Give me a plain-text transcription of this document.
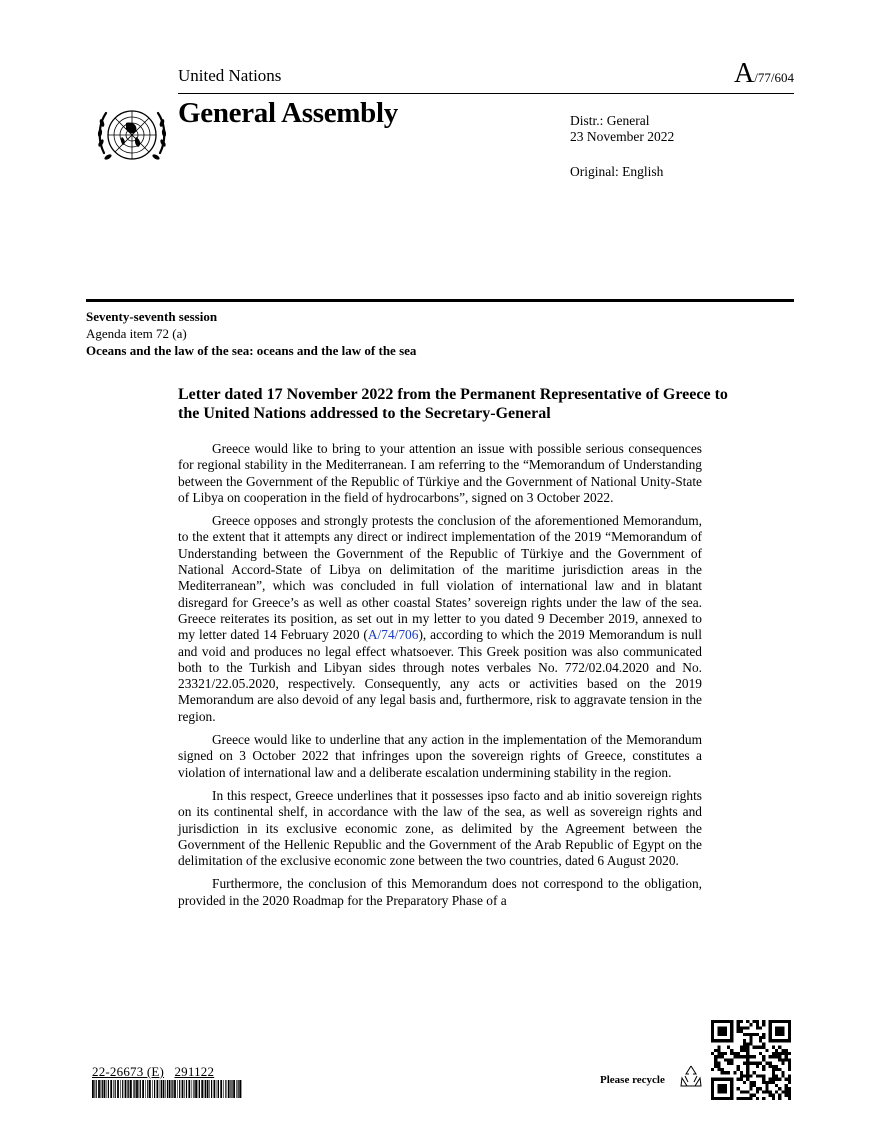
United Nations	A/77/604
General Assembly	Distr.: General
23 November 2022
Original: English
Seventy-seventh session
Agenda item 72 (a)
Oceans and the law of the sea: oceans and the law of the sea
Letter dated 17 November 2022 from the Permanent Representative of Greece to the United Nations addressed to the Secretary-General

Greece would like to bring to your attention an issue with possible serious consequences for regional stability in the Mediterranean. I am referring to the “Memorandum of Understanding between the Government of the Republic of Türkiye and the Government of National Unity-State of Libya on cooperation in the field of hydrocarbons”, signed on 3 October 2022.

Greece opposes and strongly protests the conclusion of the aforementioned Memorandum, to the extent that it attempts any direct or indirect implementation of the 2019 “Memorandum of Understanding between the Government of the Republic of Türkiye and the Government of National Accord-State of Libya on delimitation of the maritime jurisdiction areas in the Mediterranean”, which was concluded in full violation of international law and in blatant disregard for Greece’s as well as other coastal States’ sovereign rights under the law of the sea. Greece reiterates its position, as set out in my letter to you dated 9 December 2019, annexed to my letter dated 14 February 2020 (A/74/706), according to which the 2019 Memorandum is null and void and produces no legal effect whatsoever. This Greek position was also communicated both to the Turkish and Libyan sides through notes verbales No. 772/02.04.2020 and No. 23321/22.05.2020, respectively. Consequently, any acts or activities based on the 2019 Memorandum are also devoid of any legal basis and, furthermore, risk to aggravate tension in the region.

Greece would like to underline that any action in the implementation of the Memorandum signed on 3 October 2022 that infringes upon the sovereign rights of Greece, constitutes a violation of international law and a deliberate escalation undermining stability in the region.

In this respect, Greece underlines that it possesses ipso facto and ab initio sovereign rights on its continental shelf, in accordance with the law of the sea, as well as sovereign rights and jurisdiction in its exclusive economic zone, as delimited by the Agreement between the Government of the Hellenic Republic and the Government of the Arab Republic of Egypt on the delimitation of the exclusive economic zone between the two countries, dated 6 August 2020.

Furthermore, the conclusion of this Memorandum does not correspond to the obligation, provided in the 2020 Roadmap for the Preparatory Phase of a

22-26673 (E) 291122
Please recycle
